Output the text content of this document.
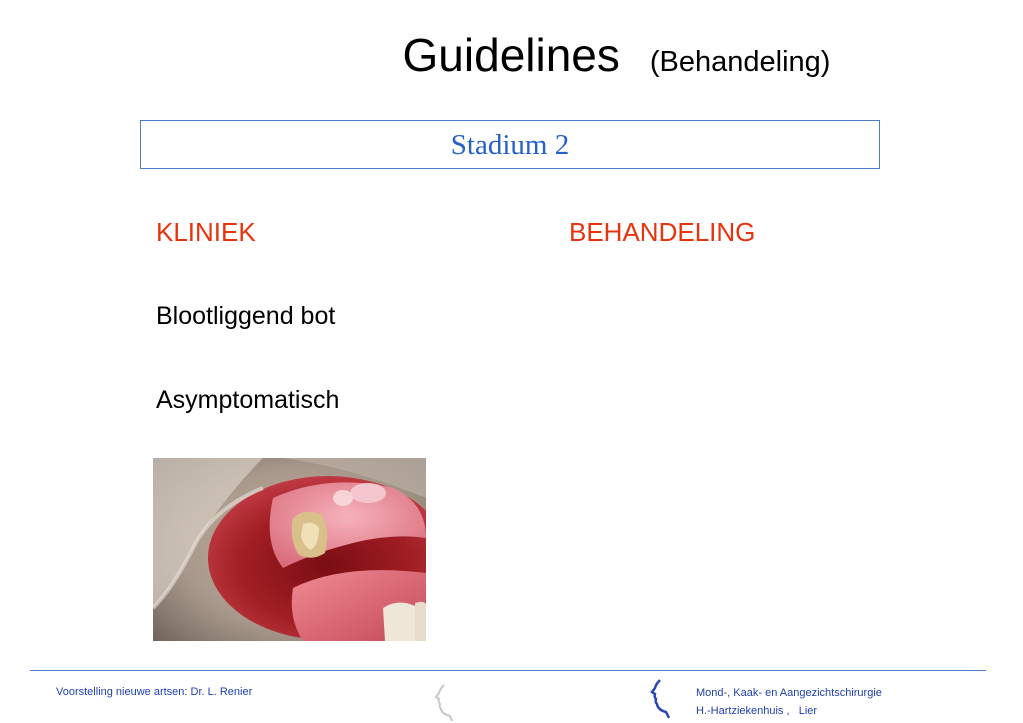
Guidelines (Behandeling)
Stadium 2
KLINIEK	BEHANDELING
Blootliggend bot
Asymptomatisch
Voorstelling nieuwe artsen: Dr. L. Renier	Mond-, Kaak- en Aangezichtschirurgie
H.-Hartziekenhuis ,   Lier
